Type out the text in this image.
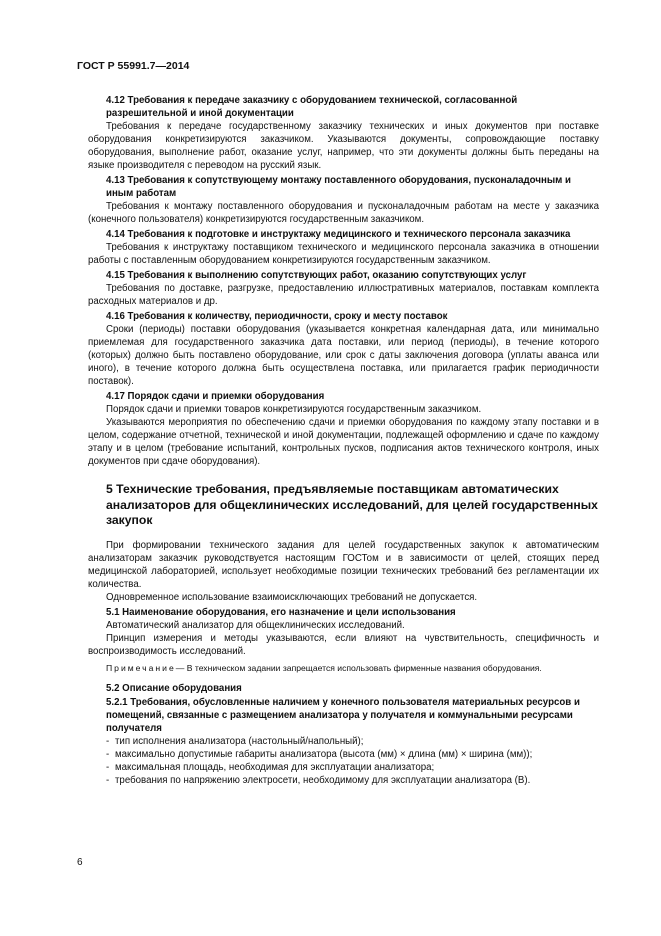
ГОСТ Р 55991.7—2014
4.12 Требования к передаче заказчику с оборудованием технической, согласованной разрешительной и иной документации
Требования к передаче государственному заказчику технических и иных документов при поставке оборудования конкретизируются заказчиком. Указываются документы, сопровождающие поставку оборудования, выполнение работ, оказание услуг, например, что эти документы должны быть переданы на языке производителя с переводом на русский язык.
4.13 Требования к сопутствующему монтажу поставленного оборудования, пусконаладочным и иным работам
Требования к монтажу поставленного оборудования и пусконаладочным работам на месте у заказчика (конечного пользователя) конкретизируются государственным заказчиком.
4.14 Требования к подготовке и инструктажу медицинского и технического персонала заказчика
Требования к инструктажу поставщиком технического и медицинского персонала заказчика в отношении работы с поставленным оборудованием конкретизируются государственным заказчиком.
4.15 Требования к выполнению сопутствующих работ, оказанию сопутствующих услуг
Требования по доставке, разгрузке, предоставлению иллюстративных материалов, поставкам комплекта расходных материалов и др.
4.16 Требования к количеству, периодичности, сроку и месту поставок
Сроки (периоды) поставки оборудования (указывается конкретная календарная дата, или минимально приемлемая для государственного заказчика дата поставки, или период (периоды), в течение которого (которых) должно быть поставлено оборудование, или срок с даты заключения договора (уплаты аванса или иного), в течение которого должна быть осуществлена поставка, или прилагается график периодичности поставок).
4.17 Порядок сдачи и приемки оборудования
Порядок сдачи и приемки товаров конкретизируются государственным заказчиком.
Указываются мероприятия по обеспечению сдачи и приемки оборудования по каждому этапу поставки и в целом, содержание отчетной, технической и иной документации, подлежащей оформлению и сдаче по каждому этапу и в целом (требование испытаний, контрольных пусков, подписания актов технического контроля, иных документов при сдаче оборудования).
5 Технические требования, предъявляемые поставщикам автоматических анализаторов для общеклинических исследований, для целей государственных закупок
При формировании технического задания для целей государственных закупок к автоматическим анализаторам заказчик руководствуется настоящим ГОСТом и в зависимости от целей, стоящих перед медицинской лабораторией, использует необходимые позиции технических требований без регламентации их количества.
Одновременное использование взаимоисключающих требований не допускается.
5.1 Наименование оборудования, его назначение и цели использования
Автоматический анализатор для общеклинических исследований.
Принцип измерения и методы указываются, если влияют на чувствительность, специфичность и воспроизводимость исследований.
Примечание— В техническом задании запрещается использовать фирменные названия оборудования.
5.2 Описание оборудования
5.2.1 Требования, обусловленные наличием у конечного пользователя материальных ресурсов и помещений, связанные с размещением анализатора у получателя и коммунальными ресурсами получателя
- тип исполнения анализатора (настольный/напольный);
- максимально допустимые габариты анализатора (высота (мм) × длина (мм) × ширина (мм));
- максимальная площадь, необходимая для эксплуатации анализатора;
- требования по напряжению электросети, необходимому для эксплуатации анализатора (В).
6
